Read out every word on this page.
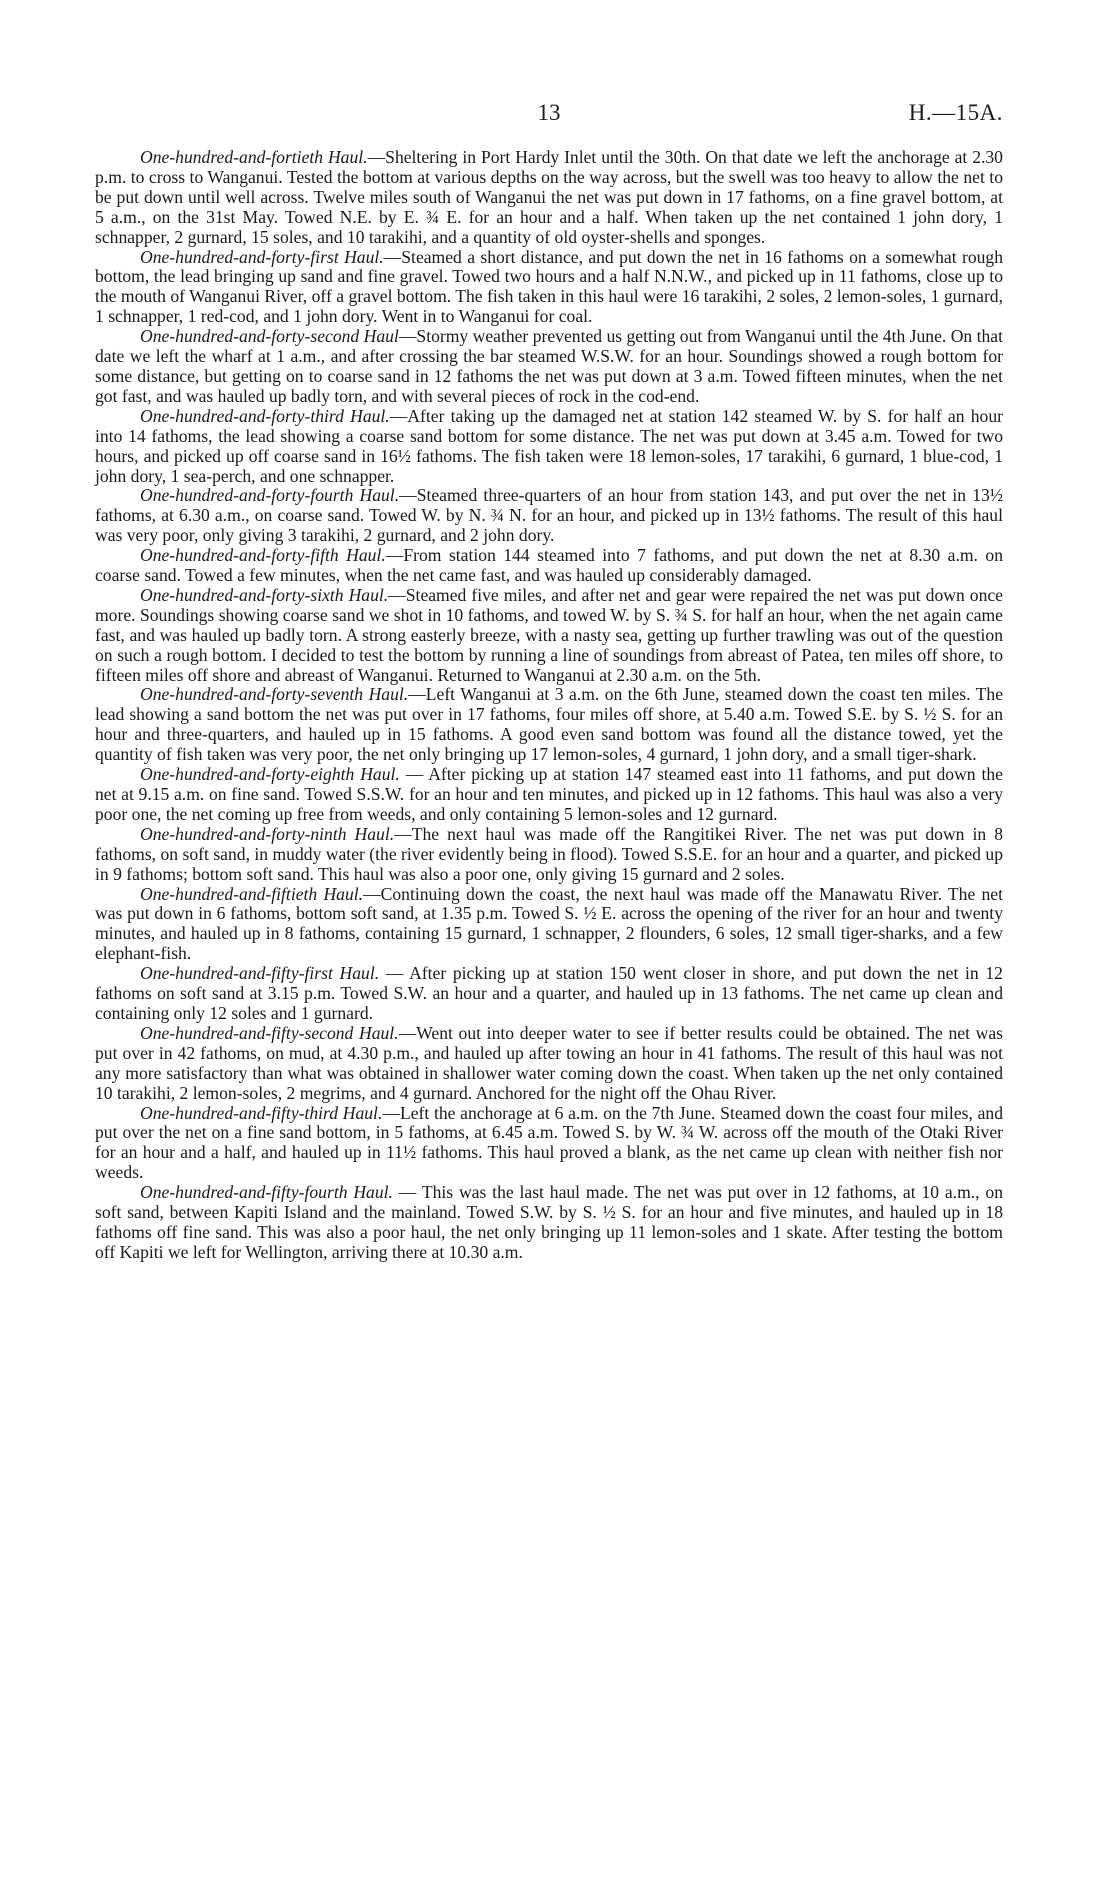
13	H.—15A.

One-hundred-and-fortieth Haul.—Sheltering in Port Hardy Inlet until the 30th. On that date we left the anchorage at 2.30 p.m. to cross to Wanganui. Tested the bottom at various depths on the way across, but the swell was too heavy to allow the net to be put down until well across. Twelve miles south of Wanganui the net was put down in 17 fathoms, on a fine gravel bottom, at 5 a.m., on the 31st May. Towed N.E. by E. ¾ E. for an hour and a half. When taken up the net contained 1 john dory, 1 schnapper, 2 gurnard, 15 soles, and 10 tarakihi, and a quantity of old oyster-shells and sponges.

One-hundred-and-forty-first Haul.—Steamed a short distance, and put down the net in 16 fathoms on a somewhat rough bottom, the lead bringing up sand and fine gravel. Towed two hours and a half N.N.W., and picked up in 11 fathoms, close up to the mouth of Wanganui River, off a gravel bottom. The fish taken in this haul were 16 tarakihi, 2 soles, 2 lemon-soles, 1 gurnard, 1 schnapper, 1 red-cod, and 1 john dory. Went in to Wanganui for coal.

One-hundred-and-forty-second Haul—Stormy weather prevented us getting out from Wanganui until the 4th June. On that date we left the wharf at 1 a.m., and after crossing the bar steamed W.S.W. for an hour. Soundings showed a rough bottom for some distance, but getting on to coarse sand in 12 fathoms the net was put down at 3 a.m. Towed fifteen minutes, when the net got fast, and was hauled up badly torn, and with several pieces of rock in the cod-end.

One-hundred-and-forty-third Haul.—After taking up the damaged net at station 142 steamed W. by S. for half an hour into 14 fathoms, the lead showing a coarse sand bottom for some distance. The net was put down at 3.45 a.m. Towed for two hours, and picked up off coarse sand in 16½ fathoms. The fish taken were 18 lemon-soles, 17 tarakihi, 6 gurnard, 1 blue-cod, 1 john dory, 1 sea-perch, and one schnapper.

One-hundred-and-forty-fourth Haul.—Steamed three-quarters of an hour from station 143, and put over the net in 13½ fathoms, at 6.30 a.m., on coarse sand. Towed W. by N. ¾ N. for an hour, and picked up in 13½ fathoms. The result of this haul was very poor, only giving 3 tarakihi, 2 gurnard, and 2 john dory.

One-hundred-and-forty-fifth Haul.—From station 144 steamed into 7 fathoms, and put down the net at 8.30 a.m. on coarse sand. Towed a few minutes, when the net came fast, and was hauled up considerably damaged.

One-hundred-and-forty-sixth Haul.—Steamed five miles, and after net and gear were repaired the net was put down once more. Soundings showing coarse sand we shot in 10 fathoms, and towed W. by S. ¾ S. for half an hour, when the net again came fast, and was hauled up badly torn. A strong easterly breeze, with a nasty sea, getting up further trawling was out of the question on such a rough bottom. I decided to test the bottom by running a line of soundings from abreast of Patea, ten miles off shore, to fifteen miles off shore and abreast of Wanganui. Returned to Wanganui at 2.30 a.m. on the 5th.

One-hundred-and-forty-seventh Haul.—Left Wanganui at 3 a.m. on the 6th June, steamed down the coast ten miles. The lead showing a sand bottom the net was put over in 17 fathoms, four miles off shore, at 5.40 a.m. Towed S.E. by S. ½ S. for an hour and three-quarters, and hauled up in 15 fathoms. A good even sand bottom was found all the distance towed, yet the quantity of fish taken was very poor, the net only bringing up 17 lemon-soles, 4 gurnard, 1 john dory, and a small tiger-shark.

One-hundred-and-forty-eighth Haul. — After picking up at station 147 steamed east into 11 fathoms, and put down the net at 9.15 a.m. on fine sand. Towed S.S.W. for an hour and ten minutes, and picked up in 12 fathoms. This haul was also a very poor one, the net coming up free from weeds, and only containing 5 lemon-soles and 12 gurnard.

One-hundred-and-forty-ninth Haul.—The next haul was made off the Rangitikei River. The net was put down in 8 fathoms, on soft sand, in muddy water (the river evidently being in flood). Towed S.S.E. for an hour and a quarter, and picked up in 9 fathoms; bottom soft sand. This haul was also a poor one, only giving 15 gurnard and 2 soles.

One-hundred-and-fiftieth Haul.—Continuing down the coast, the next haul was made off the Manawatu River. The net was put down in 6 fathoms, bottom soft sand, at 1.35 p.m. Towed S. ½ E. across the opening of the river for an hour and twenty minutes, and hauled up in 8 fathoms, containing 15 gurnard, 1 schnapper, 2 flounders, 6 soles, 12 small tiger-sharks, and a few elephant-fish.

One-hundred-and-fifty-first Haul. — After picking up at station 150 went closer in shore, and put down the net in 12 fathoms on soft sand at 3.15 p.m. Towed S.W. an hour and a quarter, and hauled up in 13 fathoms. The net came up clean and containing only 12 soles and 1 gurnard.

One-hundred-and-fifty-second Haul.—Went out into deeper water to see if better results could be obtained. The net was put over in 42 fathoms, on mud, at 4.30 p.m., and hauled up after towing an hour in 41 fathoms. The result of this haul was not any more satisfactory than what was obtained in shallower water coming down the coast. When taken up the net only contained 10 tarakihi, 2 lemon-soles, 2 megrims, and 4 gurnard. Anchored for the night off the Ohau River.

One-hundred-and-fifty-third Haul.—Left the anchorage at 6 a.m. on the 7th June. Steamed down the coast four miles, and put over the net on a fine sand bottom, in 5 fathoms, at 6.45 a.m. Towed S. by W. ¾ W. across off the mouth of the Otaki River for an hour and a half, and hauled up in 11½ fathoms. This haul proved a blank, as the net came up clean with neither fish nor weeds.

One-hundred-and-fifty-fourth Haul. — This was the last haul made. The net was put over in 12 fathoms, at 10 a.m., on soft sand, between Kapiti Island and the mainland. Towed S.W. by S. ½ S. for an hour and five minutes, and hauled up in 18 fathoms off fine sand. This was also a poor haul, the net only bringing up 11 lemon-soles and 1 skate. After testing the bottom off Kapiti we left for Wellington, arriving there at 10.30 a.m.
